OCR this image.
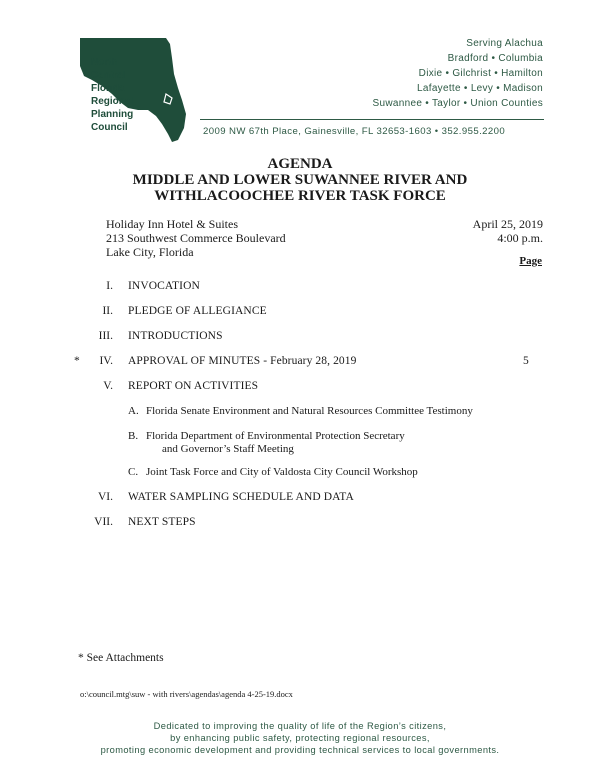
North
Central
Florida
Regional
Planning
Council
Serving Alachua
Bradford • Columbia
Dixie • Gilchrist • Hamilton
Lafayette • Levy • Madison
Suwannee • Taylor • Union Counties
2009 NW 67th Place, Gainesville, FL 32653-1603 • 352.955.2200
AGENDA
MIDDLE AND LOWER SUWANNEE RIVER AND
WITHLACOOCHEE RIVER TASK FORCE
Holiday Inn Hotel & Suites
213 Southwest Commerce Boulevard
Lake City, Florida
April 25, 2019
4:00 p.m.
Page
I. INVOCATION
II. PLEDGE OF ALLEGIANCE
III. INTRODUCTIONS
*	IV. APPROVAL OF MINUTES - February 28, 2019	5
V. REPORT ON ACTIVITIES
A. Florida Senate Environment and Natural Resources Committee Testimony
B. Florida Department of Environmental Protection Secretary
and Governor’s Staff Meeting
C. Joint Task Force and City of Valdosta City Council Workshop
VI. WATER SAMPLING SCHEDULE AND DATA
VII. NEXT STEPS
* See Attachments
o:\council.mtg\suw - with rivers\agendas\agenda 4-25-19.docx
Dedicated to improving the quality of life of the Region’s citizens,
by enhancing public safety, protecting regional resources,
promoting economic development and providing technical services to local governments.
